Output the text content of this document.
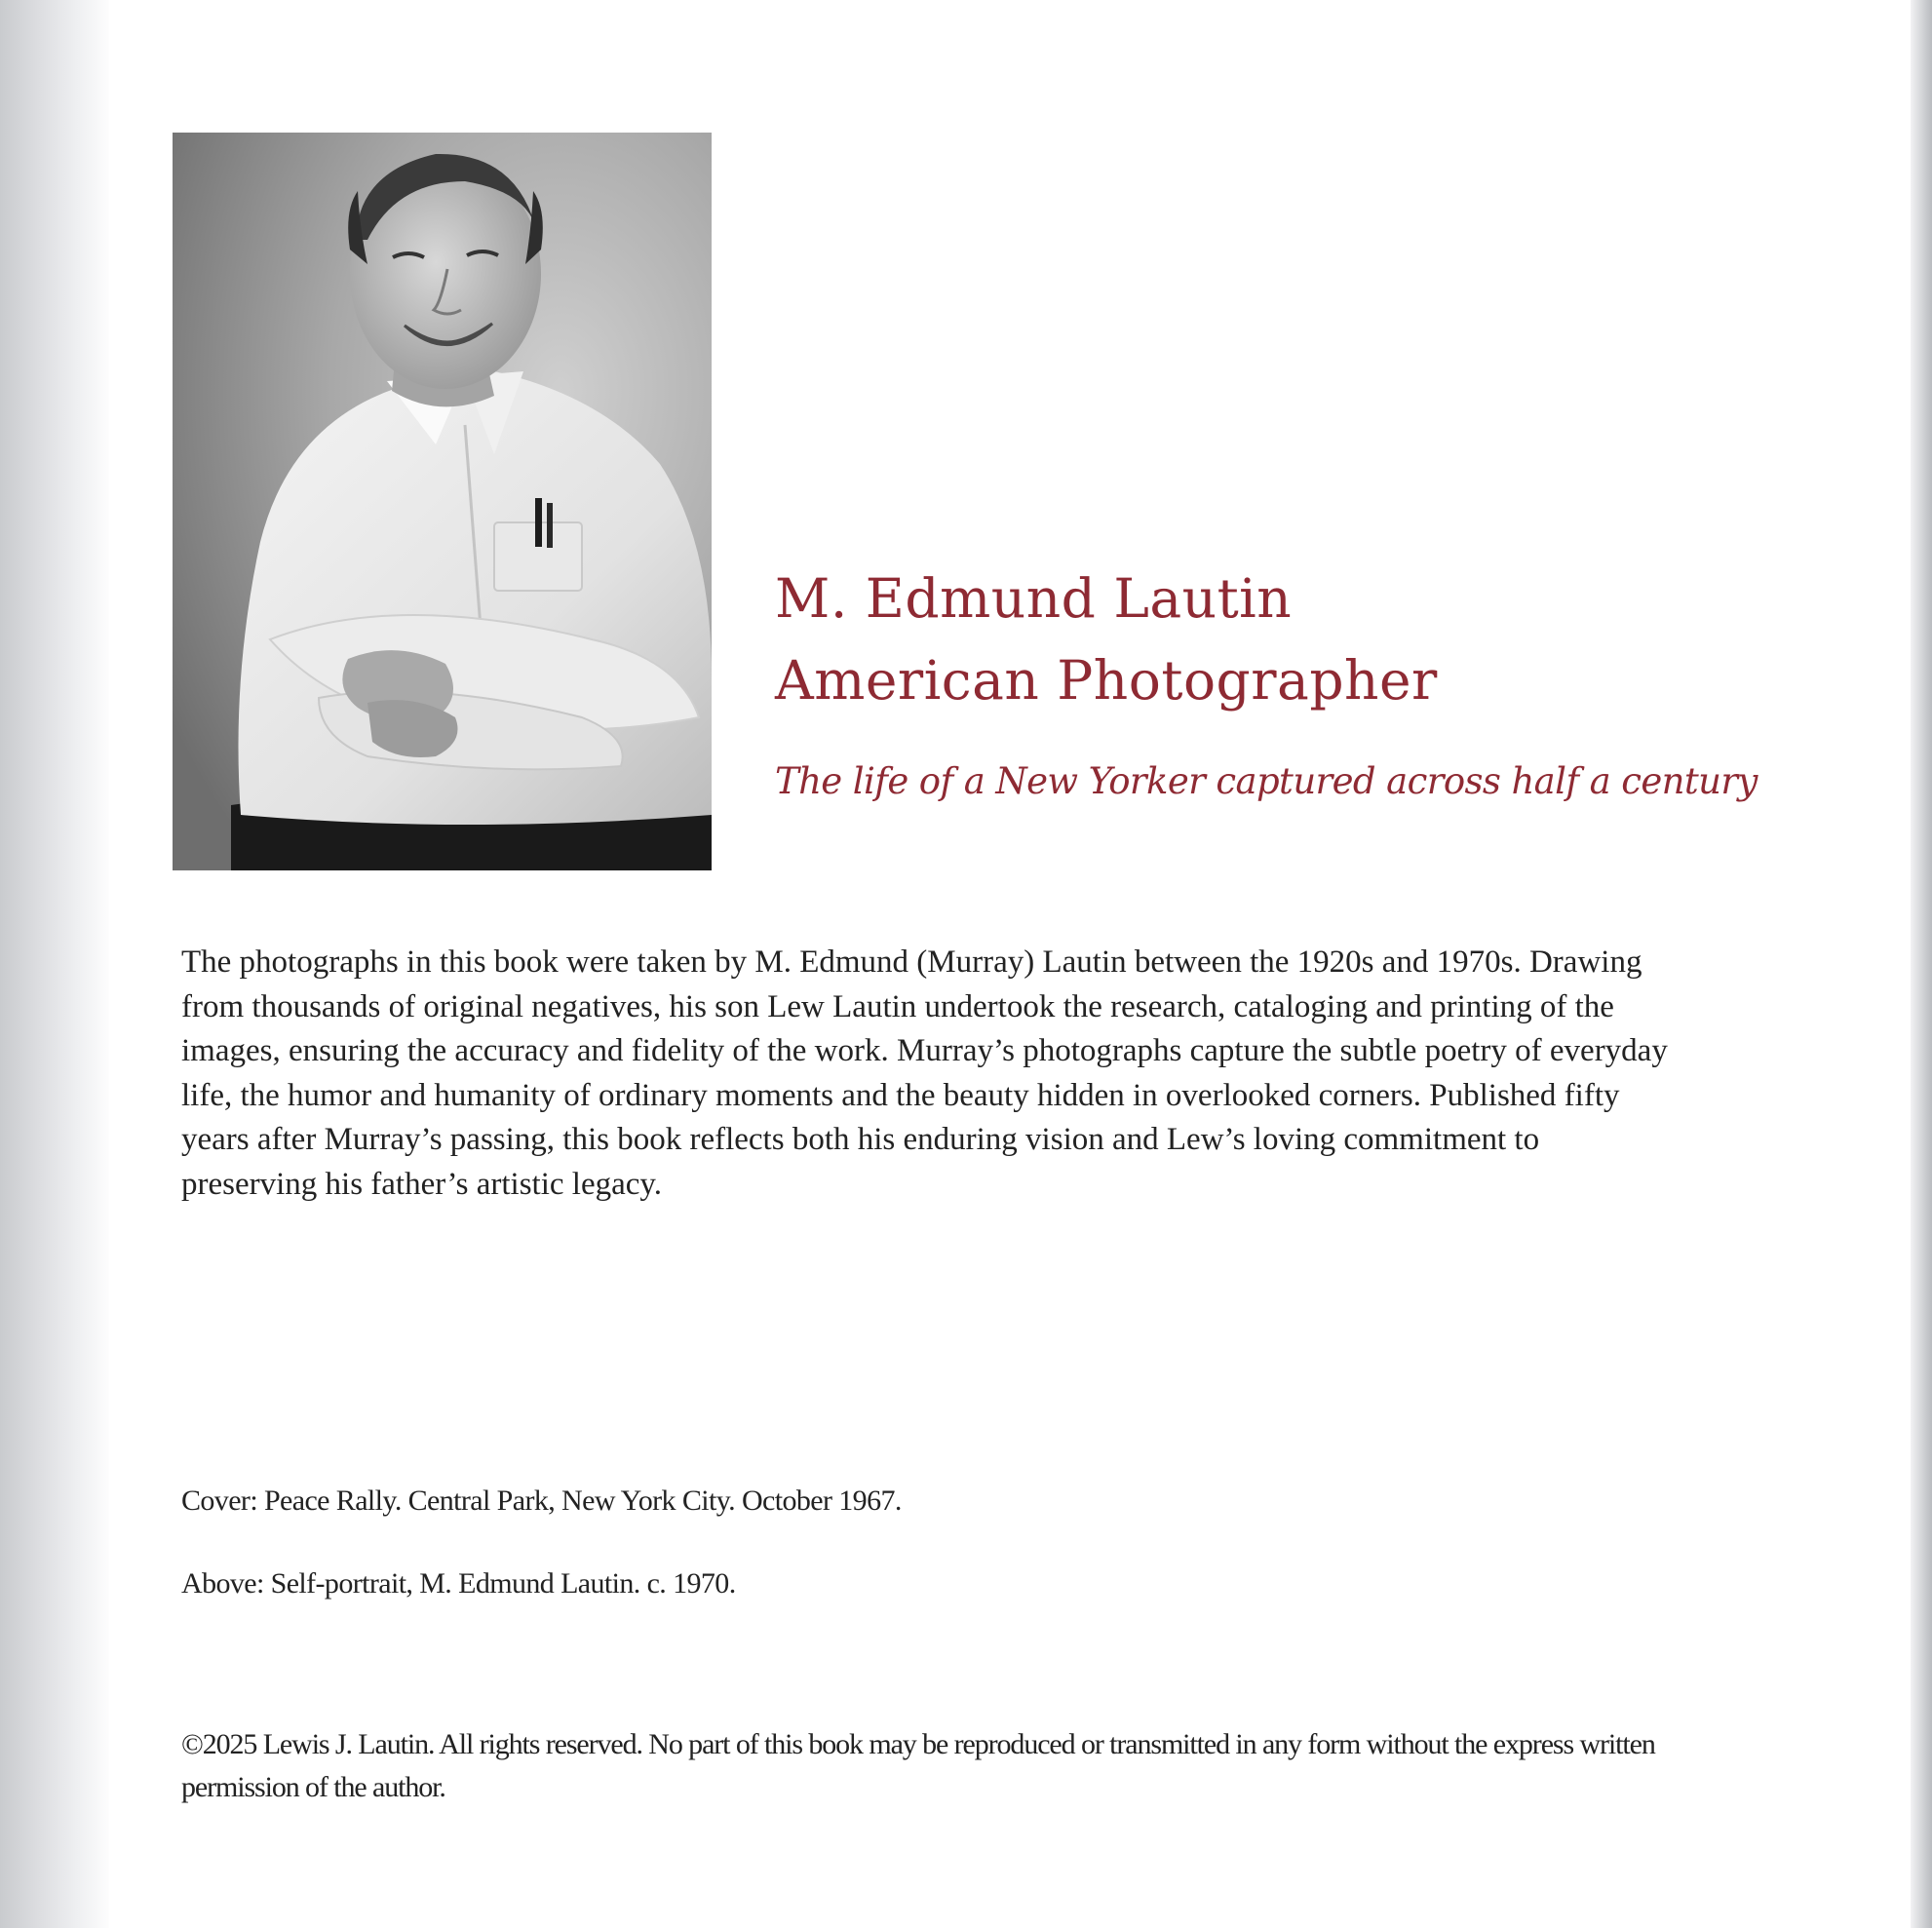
M. Edmund Lautin
American Photographer
The life of a New Yorker captured across half a century
The photographs in this book were taken by M. Edmund (Murray) Lautin between the 1920s and 1970s. Drawing from thousands of original negatives, his son Lew Lautin undertook the research, cataloging and printing of the images, ensuring the accuracy and fidelity of the work. Murray’s photographs capture the subtle poetry of everyday life, the humor and humanity of ordinary moments and the beauty hidden in overlooked corners. Published fifty years after Murray’s passing, this book reflects both his enduring vision and Lew’s loving commitment to preserving his father’s artistic legacy.
Cover: Peace Rally. Central Park, New York City. October 1967.
Above: Self-portrait, M. Edmund Lautin. c. 1970.
©2025 Lewis J. Lautin. All rights reserved. No part of this book may be reproduced or transmitted in any form without the express written permission of the author.
